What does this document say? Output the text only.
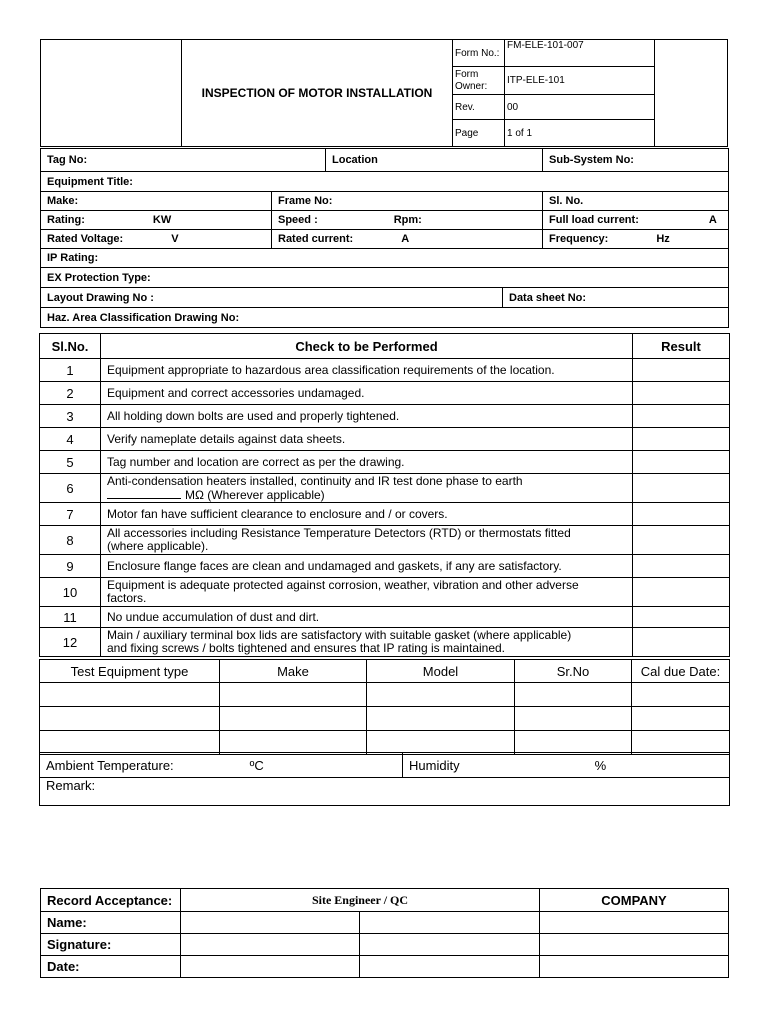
	INSPECTION OF MOTOR INSTALLATION	Form No.:	FM-ELE-101-007	
		Form Owner:	ITP-ELE-101	
		Rev.	00	
		Page	1 of 1	
Tag No:		Location		Sub-System No:
Equipment Title:				
Make:	Frame No:			Sl. No.
Rating: KW	Speed : Rpm:			Full load current: A
Rated Voltage: V	Rated current: A			Frequency: Hz
IP Rating:				
EX Protection Type:				
Layout Drawing No :			Data sheet No:	
Haz. Area Classification Drawing No:				
Sl.No.	Check to be Performed	Result
1	Equipment appropriate to hazardous area classification requirements of the location.	
2	Equipment and correct accessories undamaged.	
3	All holding down bolts are used and properly tightened.	
4	Verify nameplate details against data sheets.	
5	Tag number and location are correct as per the drawing.	
6	Anti-condensation heaters installed, continuity and IR test done phase to earth
MΩ (Wherever applicable)	

7	Motor fan have sufficient clearance to enclosure and / or covers.	
8	All accessories including Resistance Temperature Detectors (RTD) or thermostats fitted
(where applicable).	

9	Enclosure flange faces are clean and undamaged and gaskets, if any are satisfactory.	
10	Equipment is adequate protected against corrosion, weather, vibration and other adverse
factors.	

11	No undue accumulation of dust and dirt.	
12	Main / auxiliary terminal box lids are satisfactory with suitable gasket (where applicable)
and fixing screws / bolts tightened and ensures that IP rating is maintained.	

Test Equipment type	Make	Model	Sr.No	Cal due Date:

Ambient Temperature:	ºC	Humidity	%
Remark:
Record Acceptance:	Site Engineer / QC		COMPANY
Name:			
Signature:			
Date:			
